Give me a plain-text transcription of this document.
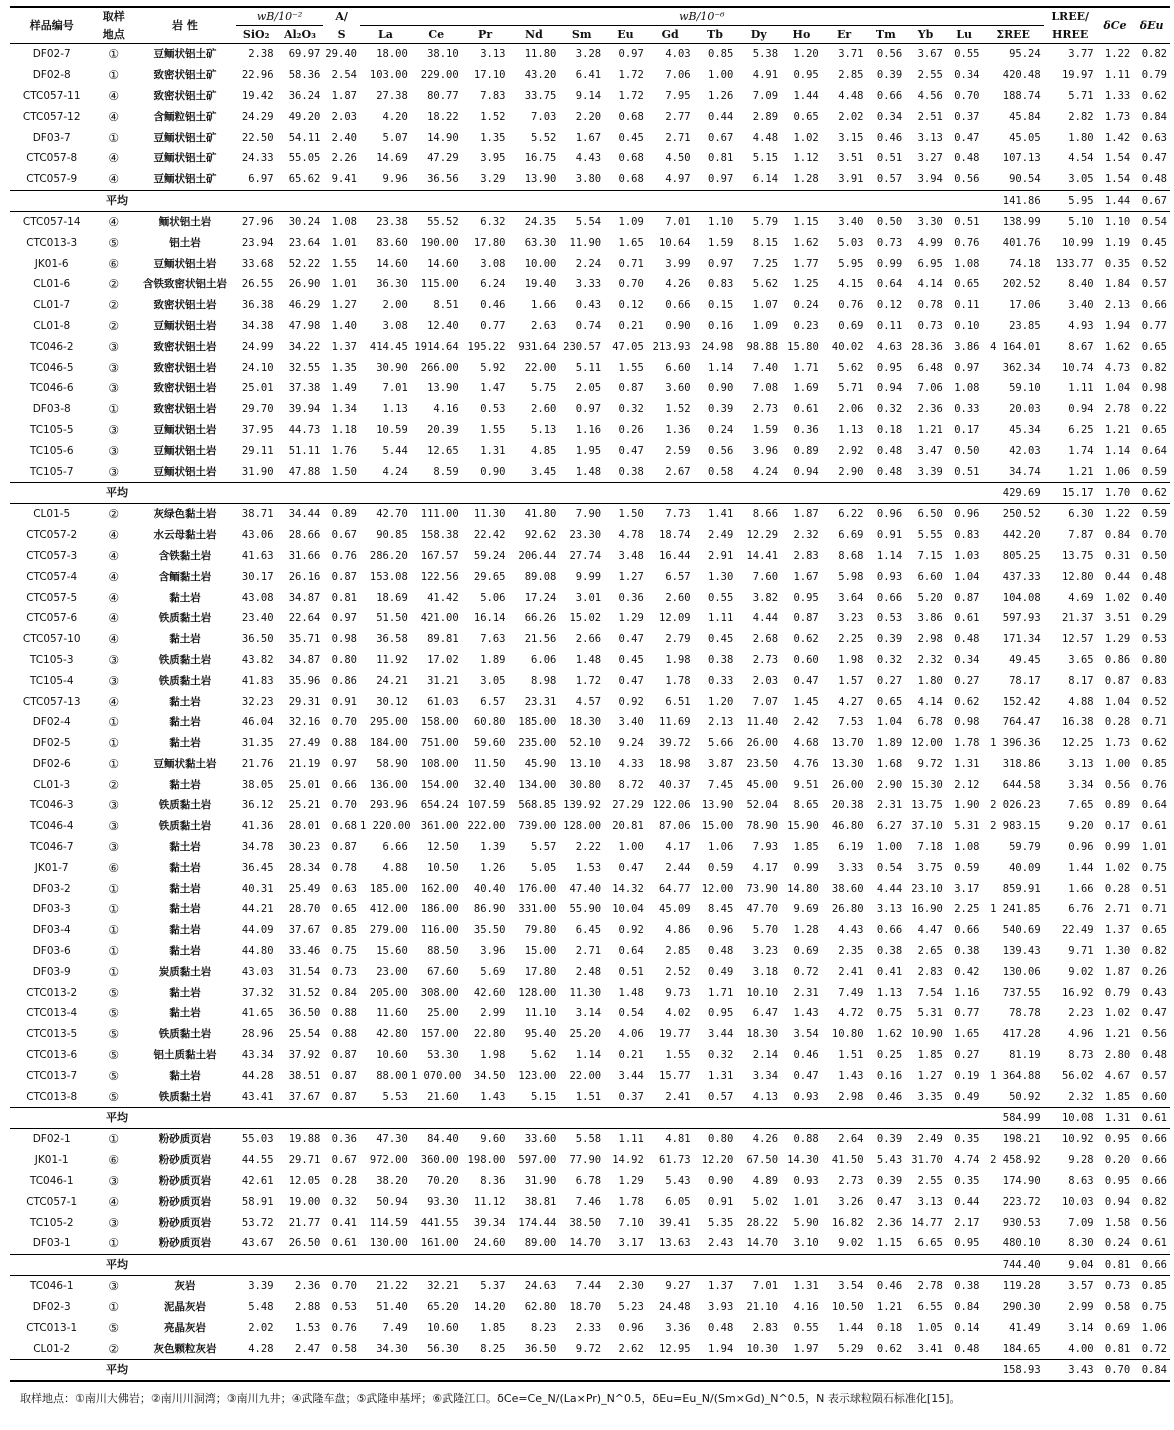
样品编号	取样	岩 性	wB/10⁻²		A/	wB/10⁻⁶															LREE/	δCe	δEu
	地点		SiO₂	Al₂O₃	S	La	Ce	Pr	Nd	Sm	Eu	Gd	Tb	Dy	Ho	Er	Tm	Yb	Lu	ΣREE	HREE		
DF02-7	①	豆鲕状铝土矿	2.38	69.97	29.40	18.00	38.10	3.13	11.80	3.28	0.97	4.03	0.85	5.38	1.20	3.71	0.56	3.67	0.55	95.24	3.77	1.22	0.82
DF02-8	①	致密状铝土矿	22.96	58.36	2.54	103.00	229.00	17.10	43.20	6.41	1.72	7.06	1.00	4.91	0.95	2.85	0.39	2.55	0.34	420.48	19.97	1.11	0.79
CTC057-11	④	致密状铝土矿	19.42	36.24	1.87	27.38	80.77	7.83	33.75	9.14	1.72	7.95	1.26	7.09	1.44	4.48	0.66	4.56	0.70	188.74	5.71	1.33	0.62
CTC057-12	④	含鲕粒铝土矿	24.29	49.20	2.03	4.20	18.22	1.52	7.03	2.20	0.68	2.77	0.44	2.89	0.65	2.02	0.34	2.51	0.37	45.84	2.82	1.73	0.84
DF03-7	①	豆鲕状铝土矿	22.50	54.11	2.40	5.07	14.90	1.35	5.52	1.67	0.45	2.71	0.67	4.48	1.02	3.15	0.46	3.13	0.47	45.05	1.80	1.42	0.63
CTC057-8	④	豆鲕状铝土矿	24.33	55.05	2.26	14.69	47.29	3.95	16.75	4.43	0.68	4.50	0.81	5.15	1.12	3.51	0.51	3.27	0.48	107.13	4.54	1.54	0.47
CTC057-9	④	豆鲕状铝土矿	6.97	65.62	9.41	9.96	36.56	3.29	13.90	3.80	0.68	4.97	0.97	6.14	1.28	3.91	0.57	3.94	0.56	90.54	3.05	1.54	0.48
平均																				141.86	5.95	1.44	0.67
CTC057-14	④	鲕状铝土岩	27.96	30.24	1.08	23.38	55.52	6.32	24.35	5.54	1.09	7.01	1.10	5.79	1.15	3.40	0.50	3.30	0.51	138.99	5.10	1.10	0.54
CTC013-3	⑤	铝土岩	23.94	23.64	1.01	83.60	190.00	17.80	63.30	11.90	1.65	10.64	1.59	8.15	1.62	5.03	0.73	4.99	0.76	401.76	10.99	1.19	0.45
JK01-6	⑥	豆鲕状铝土岩	33.68	52.22	1.55	14.60	14.60	3.08	10.00	2.24	0.71	3.99	0.97	7.25	1.77	5.95	0.99	6.95	1.08	74.18	133.77	0.35	0.52
CL01-6	②	含铁致密状铝土岩	26.55	26.90	1.01	36.30	115.00	6.24	19.40	3.33	0.70	4.26	0.83	5.62	1.25	4.15	0.64	4.14	0.65	202.52	8.40	1.84	0.57
CL01-7	②	致密状铝土岩	36.38	46.29	1.27	2.00	8.51	0.46	1.66	0.43	0.12	0.66	0.15	1.07	0.24	0.76	0.12	0.78	0.11	17.06	3.40	2.13	0.66
CL01-8	②	豆鲕状铝土岩	34.38	47.98	1.40	3.08	12.40	0.77	2.63	0.74	0.21	0.90	0.16	1.09	0.23	0.69	0.11	0.73	0.10	23.85	4.93	1.94	0.77
TC046-2	③	致密状铝土岩	24.99	34.22	1.37	414.45	1914.64	195.22	931.64	230.57	47.05	213.93	24.98	98.88	15.80	40.02	4.63	28.36	3.86	4 164.01	8.67	1.62	0.65
TC046-5	③	致密状铝土岩	24.10	32.55	1.35	30.90	266.00	5.92	22.00	5.11	1.55	6.60	1.14	7.40	1.71	5.62	0.95	6.48	0.97	362.34	10.74	4.73	0.82
TC046-6	③	致密状铝土岩	25.01	37.38	1.49	7.01	13.90	1.47	5.75	2.05	0.87	3.60	0.90	7.08	1.69	5.71	0.94	7.06	1.08	59.10	1.11	1.04	0.98
DF03-8	①	致密状铝土岩	29.70	39.94	1.34	1.13	4.16	0.53	2.60	0.97	0.32	1.52	0.39	2.73	0.61	2.06	0.32	2.36	0.33	20.03	0.94	2.78	0.22
TC105-5	③	豆鲕状铝土岩	37.95	44.73	1.18	10.59	20.39	1.55	5.13	1.16	0.26	1.36	0.24	1.59	0.36	1.13	0.18	1.21	0.17	45.34	6.25	1.21	0.65
TC105-6	③	豆鲕状铝土岩	29.11	51.11	1.76	5.44	12.65	1.31	4.85	1.95	0.47	2.59	0.56	3.96	0.89	2.92	0.48	3.47	0.50	42.03	1.74	1.14	0.64
TC105-7	③	豆鲕状铝土岩	31.90	47.88	1.50	4.24	8.59	0.90	3.45	1.48	0.38	2.67	0.58	4.24	0.94	2.90	0.48	3.39	0.51	34.74	1.21	1.06	0.59
平均																				429.69	15.17	1.70	0.62
CL01-5	②	灰绿色黏土岩	38.71	34.44	0.89	42.70	111.00	11.30	41.80	7.90	1.50	7.73	1.41	8.66	1.87	6.22	0.96	6.50	0.96	250.52	6.30	1.22	0.59
CTC057-2	④	水云母黏土岩	43.06	28.66	0.67	90.85	158.38	22.42	92.62	23.30	4.78	18.74	2.49	12.29	2.32	6.69	0.91	5.55	0.83	442.20	7.87	0.84	0.70
CTC057-3	④	含铁黏土岩	41.63	31.66	0.76	286.20	167.57	59.24	206.44	27.74	3.48	16.44	2.91	14.41	2.83	8.68	1.14	7.15	1.03	805.25	13.75	0.31	0.50
CTC057-4	④	含鲕黏土岩	30.17	26.16	0.87	153.08	122.56	29.65	89.08	9.99	1.27	6.57	1.30	7.60	1.67	5.98	0.93	6.60	1.04	437.33	12.80	0.44	0.48
CTC057-5	④	黏土岩	43.08	34.87	0.81	18.69	41.42	5.06	17.24	3.01	0.36	2.60	0.55	3.82	0.95	3.64	0.66	5.20	0.87	104.08	4.69	1.02	0.40
CTC057-6	④	铁质黏土岩	23.40	22.64	0.97	51.50	421.00	16.14	66.26	15.02	1.29	12.09	1.11	4.44	0.87	3.23	0.53	3.86	0.61	597.93	21.37	3.51	0.29
CTC057-10	④	黏土岩	36.50	35.71	0.98	36.58	89.81	7.63	21.56	2.66	0.47	2.79	0.45	2.68	0.62	2.25	0.39	2.98	0.48	171.34	12.57	1.29	0.53
TC105-3	③	铁质黏土岩	43.82	34.87	0.80	11.92	17.02	1.89	6.06	1.48	0.45	1.98	0.38	2.73	0.60	1.98	0.32	2.32	0.34	49.45	3.65	0.86	0.80
TC105-4	③	铁质黏土岩	41.83	35.96	0.86	24.21	31.21	3.05	8.98	1.72	0.47	1.78	0.33	2.03	0.47	1.57	0.27	1.80	0.27	78.17	8.17	0.87	0.83
CTC057-13	④	黏土岩	32.23	29.31	0.91	30.12	61.03	6.57	23.31	4.57	0.92	6.51	1.20	7.07	1.45	4.27	0.65	4.14	0.62	152.42	4.88	1.04	0.52
DF02-4	①	黏土岩	46.04	32.16	0.70	295.00	158.00	60.80	185.00	18.30	3.40	11.69	2.13	11.40	2.42	7.53	1.04	6.78	0.98	764.47	16.38	0.28	0.71
DF02-5	①	黏土岩	31.35	27.49	0.88	184.00	751.00	59.60	235.00	52.10	9.24	39.72	5.66	26.00	4.68	13.70	1.89	12.00	1.78	1 396.36	12.25	1.73	0.62
DF02-6	①	豆鲕状黏土岩	21.76	21.19	0.97	58.90	108.00	11.50	45.90	13.10	4.33	18.98	3.87	23.50	4.76	13.30	1.68	9.72	1.31	318.86	3.13	1.00	0.85
CL01-3	②	黏土岩	38.05	25.01	0.66	136.00	154.00	32.40	134.00	30.80	8.72	40.37	7.45	45.00	9.51	26.00	2.90	15.30	2.12	644.58	3.34	0.56	0.76
TC046-3	③	铁质黏土岩	36.12	25.21	0.70	293.96	654.24	107.59	568.85	139.92	27.29	122.06	13.90	52.04	8.65	20.38	2.31	13.75	1.90	2 026.23	7.65	0.89	0.64
TC046-4	③	铁质黏土岩	41.36	28.01	0.68	1 220.00	361.00	222.00	739.00	128.00	20.81	87.06	15.00	78.90	15.90	46.80	6.27	37.10	5.31	2 983.15	9.20	0.17	0.61
TC046-7	③	黏土岩	34.78	30.23	0.87	6.66	12.50	1.39	5.57	2.22	1.00	4.17	1.06	7.93	1.85	6.19	1.00	7.18	1.08	59.79	0.96	0.99	1.01
JK01-7	⑥	黏土岩	36.45	28.34	0.78	4.88	10.50	1.26	5.05	1.53	0.47	2.44	0.59	4.17	0.99	3.33	0.54	3.75	0.59	40.09	1.44	1.02	0.75
DF03-2	①	黏土岩	40.31	25.49	0.63	185.00	162.00	40.40	176.00	47.40	14.32	64.77	12.00	73.90	14.80	38.60	4.44	23.10	3.17	859.91	1.66	0.28	0.51
DF03-3	①	黏土岩	44.21	28.70	0.65	412.00	186.00	86.90	331.00	55.90	10.04	45.09	8.45	47.70	9.69	26.80	3.13	16.90	2.25	1 241.85	6.76	2.71	0.71
DF03-4	①	黏土岩	44.09	37.67	0.85	279.00	116.00	35.50	79.80	6.45	0.92	4.86	0.96	5.70	1.28	4.43	0.66	4.47	0.66	540.69	22.49	1.37	0.65
DF03-6	①	黏土岩	44.80	33.46	0.75	15.60	88.50	3.96	15.00	2.71	0.64	2.85	0.48	3.23	0.69	2.35	0.38	2.65	0.38	139.43	9.71	1.30	0.82
DF03-9	①	炭质黏土岩	43.03	31.54	0.73	23.00	67.60	5.69	17.80	2.48	0.51	2.52	0.49	3.18	0.72	2.41	0.41	2.83	0.42	130.06	9.02	1.87	0.26
CTC013-2	⑤	黏土岩	37.32	31.52	0.84	205.00	308.00	42.60	128.00	11.30	1.48	9.73	1.71	10.10	2.31	7.49	1.13	7.54	1.16	737.55	16.92	0.79	0.43
CTC013-4	⑤	黏土岩	41.65	36.50	0.88	11.60	25.00	2.99	11.10	3.14	0.54	4.02	0.95	6.47	1.43	4.72	0.75	5.31	0.77	78.78	2.23	1.02	0.47
CTC013-5	⑤	铁质黏土岩	28.96	25.54	0.88	42.80	157.00	22.80	95.40	25.20	4.06	19.77	3.44	18.30	3.54	10.80	1.62	10.90	1.65	417.28	4.96	1.21	0.56
CTC013-6	⑤	铝土质黏土岩	43.34	37.92	0.87	10.60	53.30	1.98	5.62	1.14	0.21	1.55	0.32	2.14	0.46	1.51	0.25	1.85	0.27	81.19	8.73	2.80	0.48
CTC013-7	⑤	黏土岩	44.28	38.51	0.87	88.00	1 070.00	34.50	123.00	22.00	3.44	15.77	1.31	3.34	0.47	1.43	0.16	1.27	0.19	1 364.88	56.02	4.67	0.57
CTC013-8	⑤	铁质黏土岩	43.41	37.67	0.87	5.53	21.60	1.43	5.15	1.51	0.37	2.41	0.57	4.13	0.93	2.98	0.46	3.35	0.49	50.92	2.32	1.85	0.60
平均																				584.99	10.08	1.31	0.61
DF02-1	①	粉砂质页岩	55.03	19.88	0.36	47.30	84.40	9.60	33.60	5.58	1.11	4.81	0.80	4.26	0.88	2.64	0.39	2.49	0.35	198.21	10.92	0.95	0.66
JK01-1	⑥	粉砂质页岩	44.55	29.71	0.67	972.00	360.00	198.00	597.00	77.90	14.92	61.73	12.20	67.50	14.30	41.50	5.43	31.70	4.74	2 458.92	9.28	0.20	0.66
TC046-1	③	粉砂质页岩	42.61	12.05	0.28	38.20	70.20	8.36	31.90	6.78	1.29	5.43	0.90	4.89	0.93	2.73	0.39	2.55	0.35	174.90	8.63	0.95	0.66
CTC057-1	④	粉砂质页岩	58.91	19.00	0.32	50.94	93.30	11.12	38.81	7.46	1.78	6.05	0.91	5.02	1.01	3.26	0.47	3.13	0.44	223.72	10.03	0.94	0.82
TC105-2	③	粉砂质页岩	53.72	21.77	0.41	114.59	441.55	39.34	174.44	38.50	7.10	39.41	5.35	28.22	5.90	16.82	2.36	14.77	2.17	930.53	7.09	1.58	0.56
DF03-1	①	粉砂质页岩	43.67	26.50	0.61	130.00	161.00	24.60	89.00	14.70	3.17	13.63	2.43	14.70	3.10	9.02	1.15	6.65	0.95	480.10	8.30	0.24	0.61
平均																				744.40	9.04	0.81	0.66
TC046-1	③	灰岩	3.39	2.36	0.70	21.22	32.21	5.37	24.63	7.44	2.30	9.27	1.37	7.01	1.31	3.54	0.46	2.78	0.38	119.28	3.57	0.73	0.85
DF02-3	①	泥晶灰岩	5.48	2.88	0.53	51.40	65.20	14.20	62.80	18.70	5.23	24.48	3.93	21.10	4.16	10.50	1.21	6.55	0.84	290.30	2.99	0.58	0.75
CTC013-1	⑤	亮晶灰岩	2.02	1.53	0.76	7.49	10.60	1.85	8.23	2.33	0.96	3.36	0.48	2.83	0.55	1.44	0.18	1.05	0.14	41.49	3.14	0.69	1.06
CL01-2	②	灰色颗粒灰岩	4.28	2.47	0.58	34.30	56.30	8.25	36.50	9.72	2.62	12.95	1.94	10.30	1.97	5.29	0.62	3.41	0.48	184.65	4.00	0.81	0.72
平均																				158.93	3.43	0.70	0.84
取样地点：①南川大佛岩；②南川川洞湾；③南川九井；④武隆车盘；⑤武隆申基坪；⑥武隆江口。δCe=Ce_N/(La×Pr)_N^0.5，δEu=Eu_N/(Sm×Gd)_N^0.5，N 表示球粒陨石标准化[15]。
